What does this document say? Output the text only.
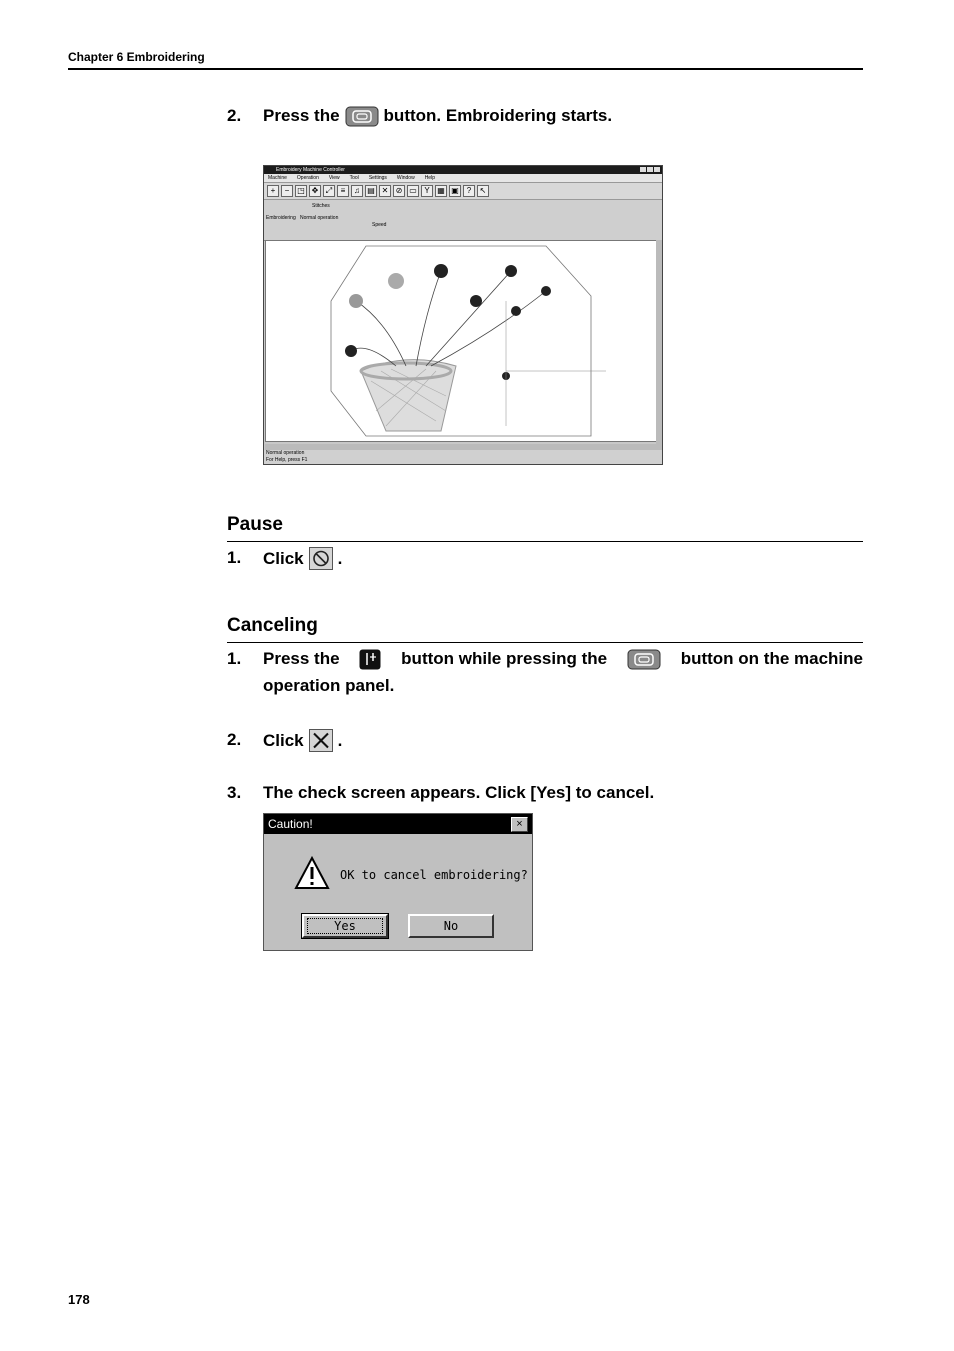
Chapter 6 Embroidering
2. Press the	button. Embroidering starts.
Embroidery Machine Controller
Machine Operation View Tool Settings Window Help
+	− ◳ ✥ ⤢	≡	♫ ▤ ✕ ⊘ ▭ Y ▦ ▣ ?	↖
Stitches
Embroidering Normal operation
Speed
Normal operation
For Help, press F1
Pause
1. Click .
Canceling
1. Press the	button while pressing the	button on the machine
operation panel.
2. Click .
3. The check screen appears. Click [Yes] to cancel.
Caution!	×
OK to cancel embroidering?
Yes	No
178
